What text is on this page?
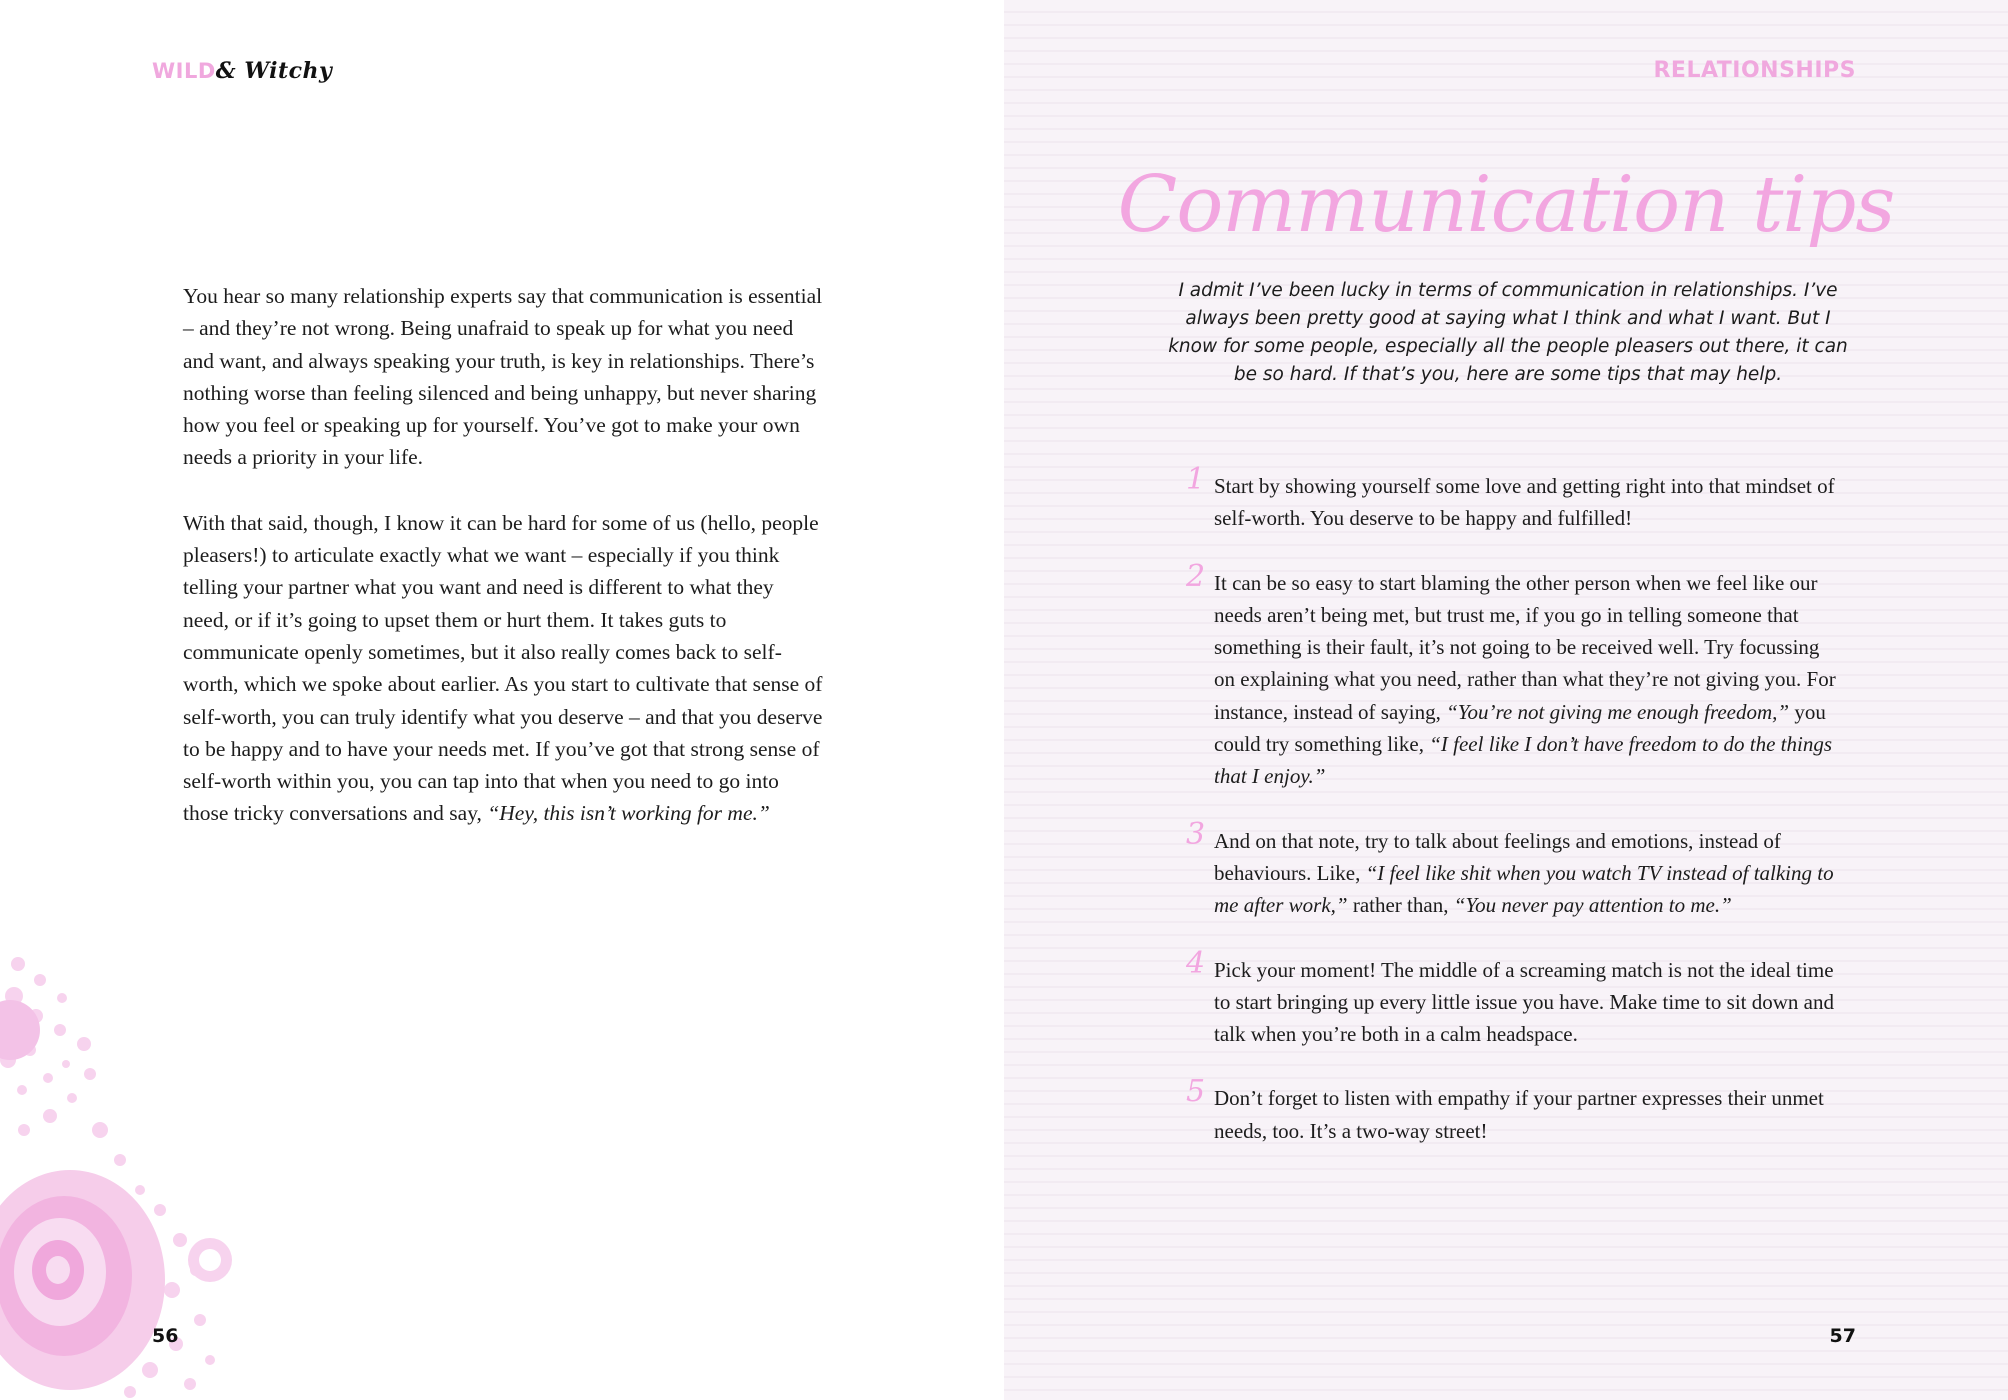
WILD& Witchy

You hear so many relationship experts say that communication is essential – and they’re not wrong. Being unafraid to speak up for what you need and want, and always speaking your truth, is key in relationships. There’s nothing worse than feeling silenced and being unhappy, but never sharing how you feel or speaking up for yourself. You’ve got to make your own needs a priority in your life.

With that said, though, I know it can be hard for some of us (hello, people pleasers!) to articulate exactly what we want – especially if you think telling your partner what you want and need is different to what they need, or if it’s going to upset them or hurt them. It takes guts to communicate openly sometimes, but it also really comes back to self-worth, which we spoke about earlier. As you start to cultivate that sense of self-worth, you can truly identify what you deserve – and that you deserve to be happy and to have your needs met. If you’ve got that strong sense of self-worth within you, you can tap into that when you need to go into those tricky conversations and say, “Hey, this isn’t working for me.”

56
RELATIONSHIPS
Communication tips
I admit I’ve been lucky in terms of communication in relationships. I’ve always been pretty good at saying what I think and what I want. But I know for some people, especially all the people pleasers out there, it can be so hard. If that’s you, here are some tips that may help.
1 Start by showing yourself some love and getting right into that mindset of self-worth. You deserve to be happy and fulfilled!
2 It can be so easy to start blaming the other person when we feel like our needs aren’t being met, but trust me, if you go in telling someone that something is their fault, it’s not going to be received well. Try focussing on explaining what you need, rather than what they’re not giving you. For instance, instead of saying, “You’re not giving me enough freedom,” you could try something like, “I feel like I don’t have freedom to do the things that I enjoy.”
3 And on that note, try to talk about feelings and emotions, instead of behaviours. Like, “I feel like shit when you watch TV instead of talking to me after work,” rather than, “You never pay attention to me.”
4 Pick your moment! The middle of a screaming match is not the ideal time to start bringing up every little issue you have. Make time to sit down and talk when you’re both in a calm headspace.
5 Don’t forget to listen with empathy if your partner expresses their unmet needs, too. It’s a two-way street!
57
